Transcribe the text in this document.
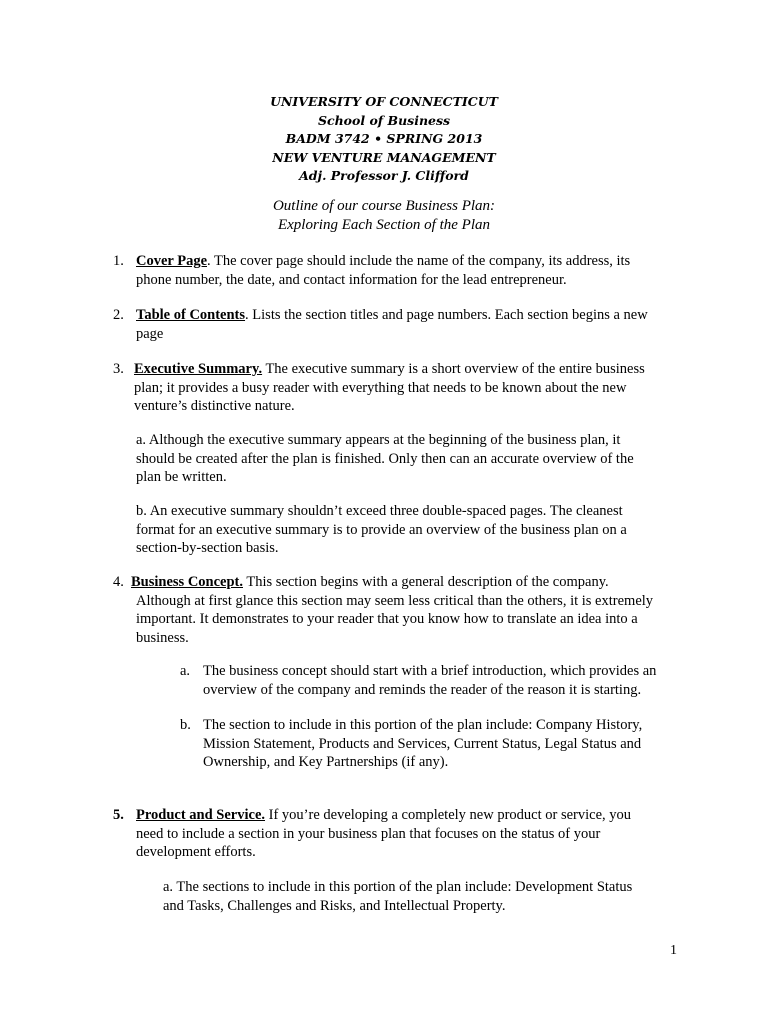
UNIVERSITY OF CONNECTICUT
School of Business
BADM 3742 • SPRING 2013
NEW VENTURE MANAGEMENT
Adj. Professor J. Clifford
Outline of our course Business Plan:
Exploring Each Section of the Plan
1. Cover Page. The cover page should include the name of the company, its address, its
phone number, the date, and contact information for the lead entrepreneur.
2. Table of Contents. Lists the section titles and page numbers. Each section begins a new
page
3. Executive Summary. The executive summary is a short overview of the entire business
plan; it provides a busy reader with everything that needs to be known about the new
venture’s distinctive nature.
a. Although the executive summary appears at the beginning of the business plan, it
should be created after the plan is finished. Only then can an accurate overview of the
plan be written.
b. An executive summary shouldn’t exceed three double-spaced pages. The cleanest
format for an executive summary is to provide an overview of the business plan on a
section-by-section basis.
4. Business Concept. This section begins with a general description of the company.
Although at first glance this section may seem less critical than the others, it is extremely
important. It demonstrates to your reader that you know how to translate an idea into a
business.
a. The business concept should start with a brief introduction, which provides an
overview of the company and reminds the reader of the reason it is starting.
b. The section to include in this portion of the plan include: Company History,
Mission Statement, Products and Services, Current Status, Legal Status and
Ownership, and Key Partnerships (if any).
5. Product and Service. If you’re developing a completely new product or service, you
need to include a section in your business plan that focuses on the status of your
development efforts.
a. The sections to include in this portion of the plan include: Development Status
and Tasks, Challenges and Risks, and Intellectual Property.
1
